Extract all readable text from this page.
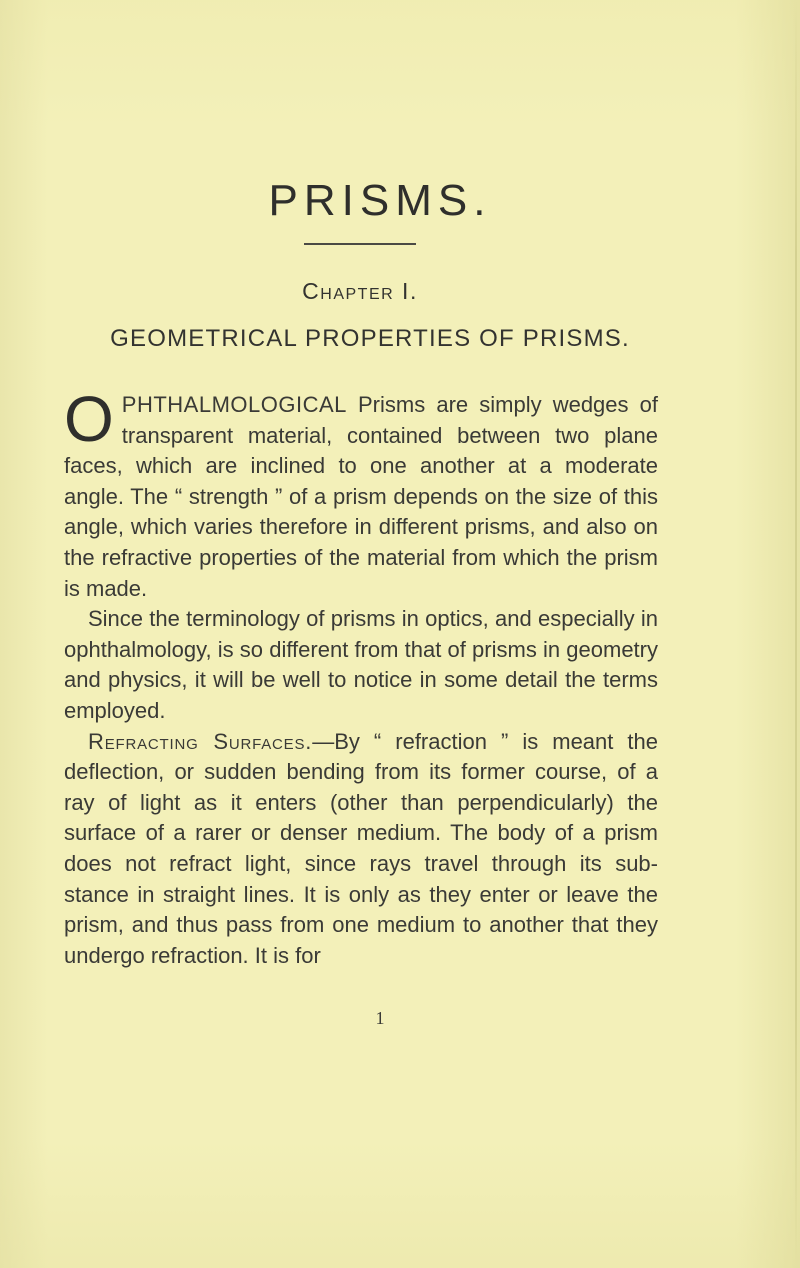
PRISMS.
Chapter I.
GEOMETRICAL PROPERTIES OF PRISMS.

OPHTHALMOLOGICAL Prisms are simply wedges of transparent material, contained between two plane faces, which are inclined to one another at a moderate angle. The “ strength ” of a prism depends on the size of this angle, which varies therefore in different prisms, and also on the refractive properties of the material from which the prism is made.

Since the terminology of prisms in optics, and especially in ophthalmology, is so different from that of prisms in geometry and physics, it will be well to notice in some detail the terms employed.

Refracting Surfaces.—By “ refraction ” is meant the deflection, or sudden bending from its former course, of a ray of light as it enters (other than perpendicularly) the surface of a rarer or denser medium. The body of a prism does not refract light, since rays travel through its sub- stance in straight lines. It is only as they enter or leave the prism, and thus pass from one medium to another that they undergo refraction. It is for

1
